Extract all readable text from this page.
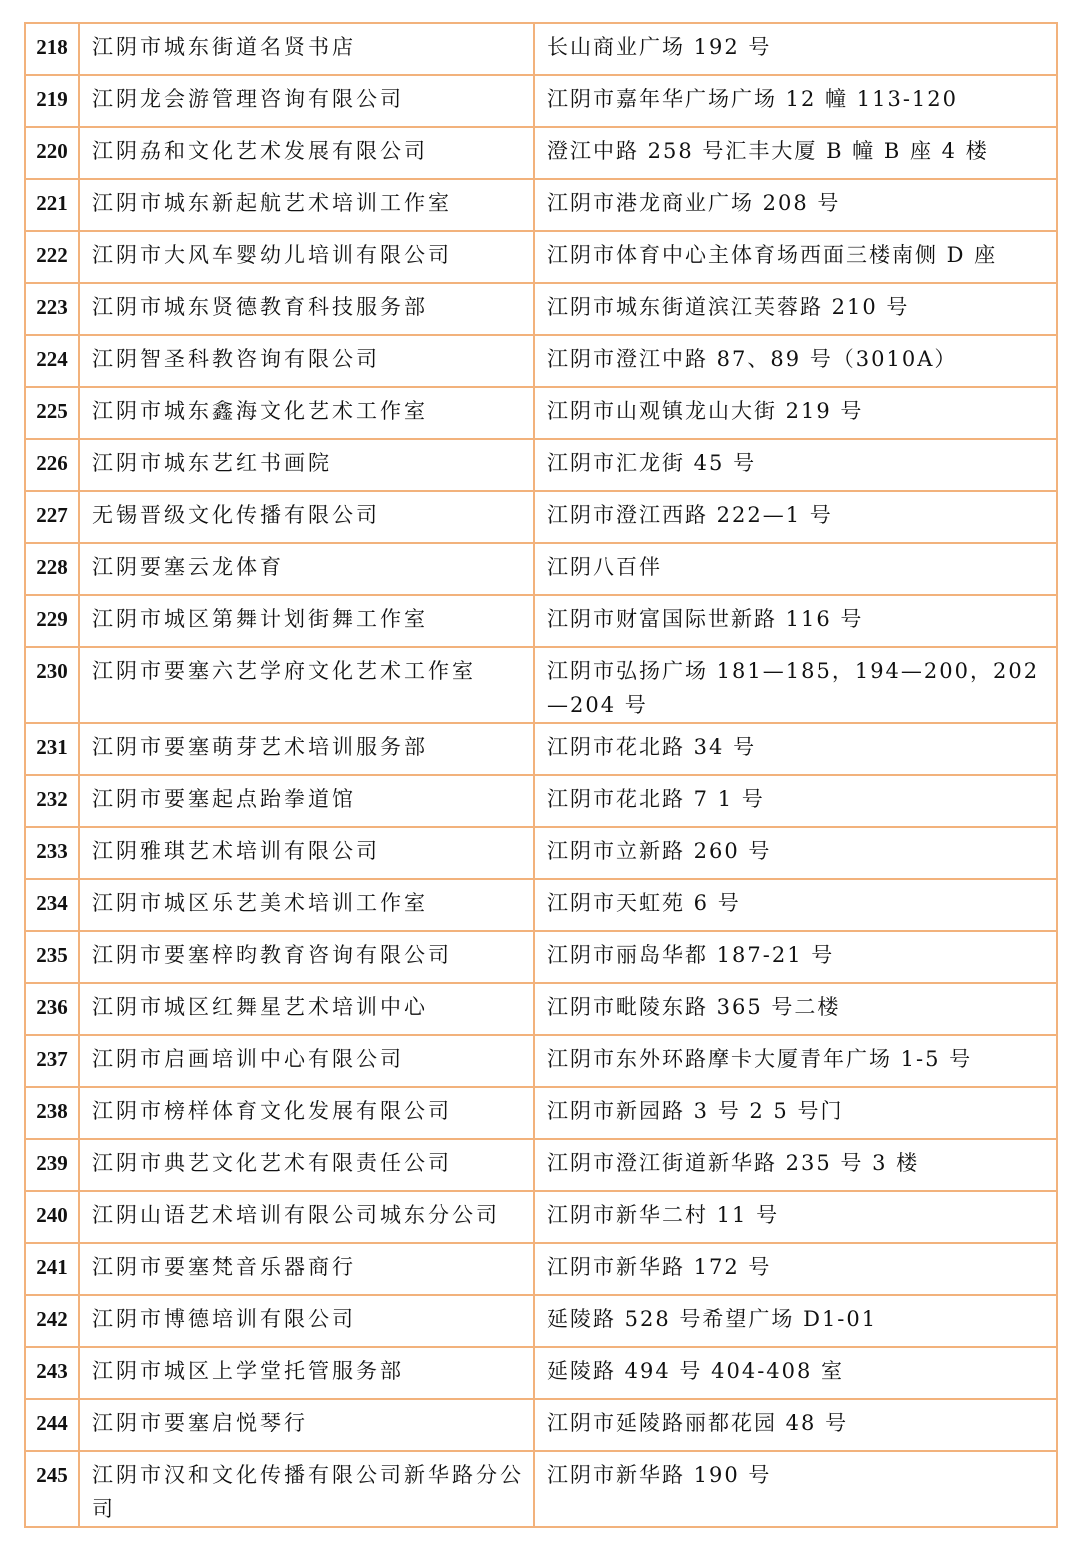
218	江阴市城东街道名贤书店	长山商业广场 192 号
219	江阴龙会游管理咨询有限公司	江阴市嘉年华广场广场 12 幢 113-120
220	江阴劦和文化艺术发展有限公司	澄江中路 258 号汇丰大厦 B 幢 B 座 4 楼
221	江阴市城东新起航艺术培训工作室	江阴市港龙商业广场 208 号
222	江阴市大风车婴幼儿培训有限公司	江阴市体育中心主体育场西面三楼南侧 D 座
223	江阴市城东贤德教育科技服务部	江阴市城东街道滨江芙蓉路 210 号
224	江阴智圣科教咨询有限公司	江阴市澄江中路 87、89 号（3010A）
225	江阴市城东鑫海文化艺术工作室	江阴市山观镇龙山大街 219 号
226	江阴市城东艺红书画院	江阴市汇龙街 45 号
227	无锡晋级文化传播有限公司	江阴市澄江西路 222—1 号
228	江阴要塞云龙体育	江阴八百伴
229	江阴市城区第舞计划街舞工作室	江阴市财富国际世新路 116 号
230	江阴市要塞六艺学府文化艺术工作室	江阴市弘扬广场 181—185，194—200，202—204 号
231	江阴市要塞萌芽艺术培训服务部	江阴市花北路 34 号
232	江阴市要塞起点跆拳道馆	江阴市花北路 7 1 号
233	江阴雅琪艺术培训有限公司	江阴市立新路 260 号
234	江阴市城区乐艺美术培训工作室	江阴市天虹苑 6 号
235	江阴市要塞梓昀教育咨询有限公司	江阴市丽岛华都 187-21 号
236	江阴市城区红舞星艺术培训中心	江阴市毗陵东路 365 号二楼
237	江阴市启画培训中心有限公司	江阴市东外环路摩卡大厦青年广场 1-5 号
238	江阴市榜样体育文化发展有限公司	江阴市新园路 3 号 2 5 号门
239	江阴市典艺文化艺术有限责任公司	江阴市澄江街道新华路 235 号 3 楼
240	江阴山语艺术培训有限公司城东分公司	江阴市新华二村 11 号
241	江阴市要塞梵音乐器商行	江阴市新华路 172 号
242	江阴市博德培训有限公司	延陵路 528 号希望广场 D1-01
243	江阴市城区上学堂托管服务部	延陵路 494 号 404-408 室
244	江阴市要塞启悦琴行	江阴市延陵路丽都花园 48 号
245	江阴市汉和文化传播有限公司新华路分公司	江阴市新华路 190 号
